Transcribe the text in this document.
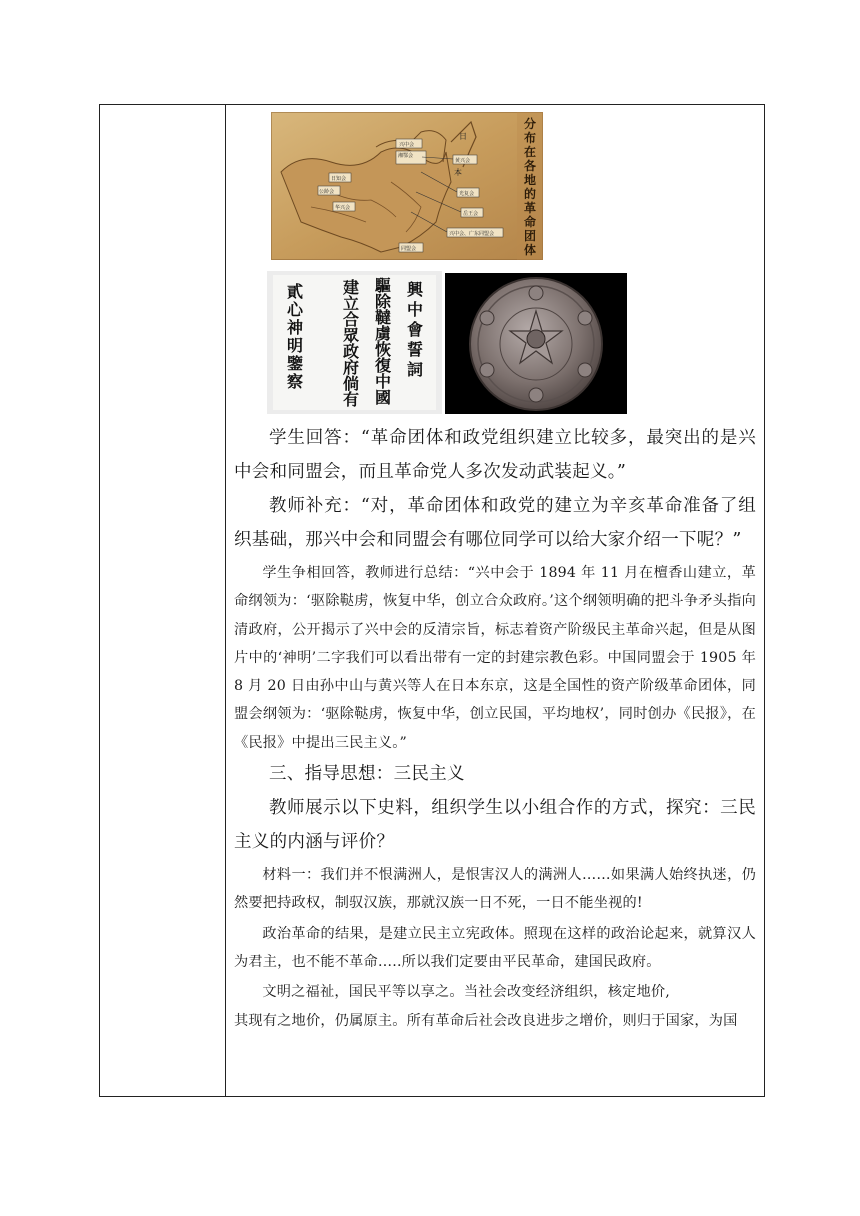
兴中会
湘鄂会
日知会
公龄会
华兴会
黄兴会
光复会
岳王会
兴中会、广东同盟会
同盟会
日
本
分布在 各地的 革命团 体
興
中
會
誓
詞
驅
除
韃
虜
恢
復
中
國
建
立
合
眾
政
府
倘
有
貳
心
神
明
鑒
察

学生回答：“革命团体和政党组织建立比较多，最突出的是兴中会和同盟会，而且革命党人多次发动武装起义。”

教师补充：“对，革命团体和政党的建立为辛亥革命准备了组织基础，那兴中会和同盟会有哪位同学可以给大家介绍一下呢？”

学生争相回答，教师进行总结：“兴中会于 1894 年 11 月在檀香山建立，革命纲领为：‘驱除鞑虏，恢复中华，创立合众政府。’这个纲领明确的把斗争矛头指向清政府，公开揭示了兴中会的反清宗旨，标志着资产阶级民主革命兴起，但是从图片中的‘神明’二字我们可以看出带有一定的封建宗教色彩。中国同盟会于 1905 年 8 月 20 日由孙中山与黄兴等人在日本东京，这是全国性的资产阶级革命团体，同盟会纲领为：‘驱除鞑虏，恢复中华，创立民国，平均地权’，同时创办《民报》，在《民报》中提出三民主义。”

三、指导思想：三民主义

教师展示以下史料，组织学生以小组合作的方式，探究：三民主义的内涵与评价？

材料一：我们并不恨满洲人，是恨害汉人的满洲人……如果满人始终执迷，仍然要把持政权，制驭汉族，那就汉族一日不死，一日不能坐视的!

政治革命的结果，是建立民主立宪政体。照现在这样的政治论起来，就算汉人为君主，也不能不革命…..所以我们定要由平民革命，建国民政府。

文明之福祉，国民平等以享之。当社会改变经济组织，核定地价,

其现有之地价，仍属原主。所有革命后社会改良进步之增价，则归于国家，为国
